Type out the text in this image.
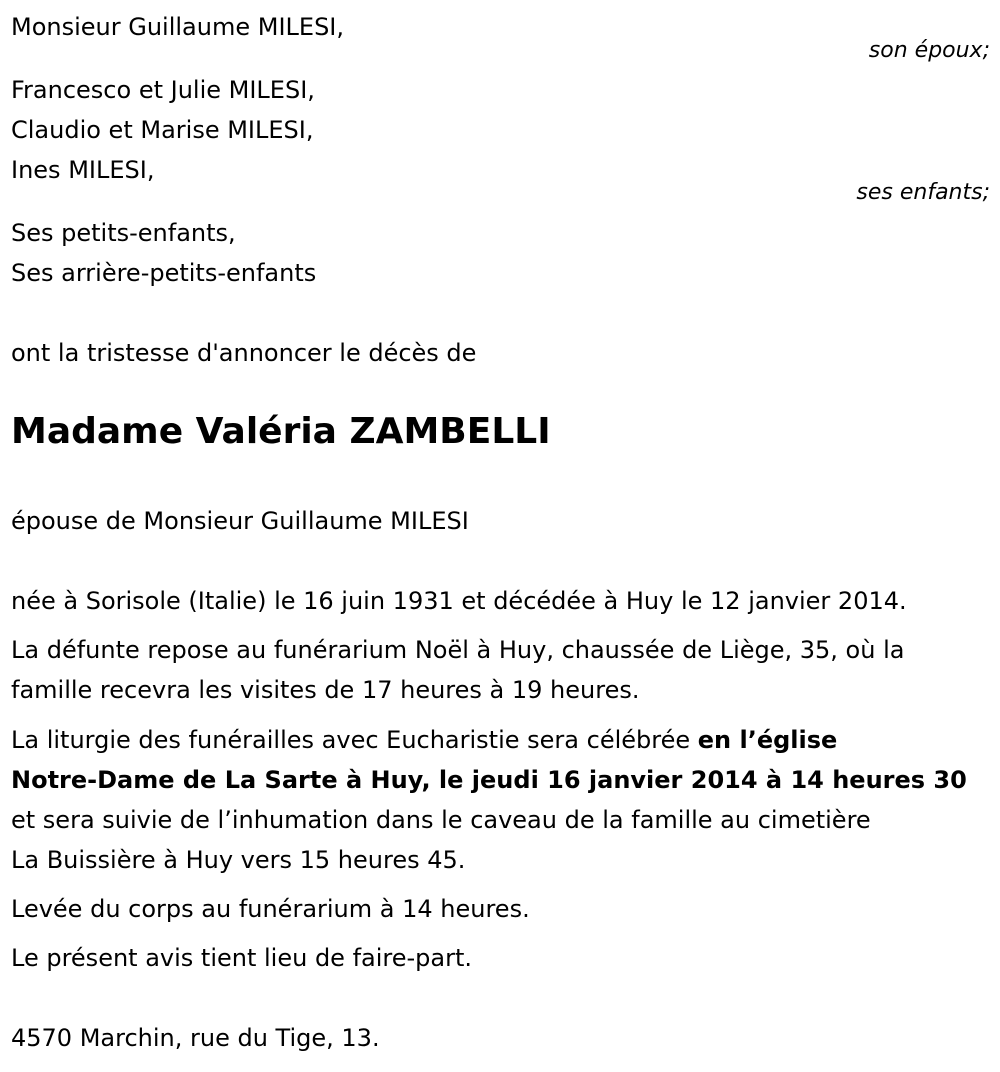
Monsieur Guillaume MILESI,
son époux;
Francesco et Julie MILESI,
Claudio et Marise MILESI,
Ines MILESI,
ses enfants;
Ses petits-enfants,
Ses arrière-petits-enfants
ont la tristesse d'annoncer le décès de
Madame Valéria ZAMBELLI
épouse de Monsieur Guillaume MILESI
née à Sorisole (Italie) le 16 juin 1931 et décédée à Huy le 12 janvier 2014.
La défunte repose au funérarium Noël à Huy, chaussée de Liège, 35, où la
famille recevra les visites de 17 heures à 19 heures.
La liturgie des funérailles avec Eucharistie sera célébrée en l’église
Notre-Dame de La Sarte à Huy, le jeudi 16 janvier 2014 à 14 heures 30
et sera suivie de l’inhumation dans le caveau de la famille au cimetière
La Buissière à Huy vers 15 heures 45.
Levée du corps au funérarium à 14 heures.
Le présent avis tient lieu de faire-part.
4570 Marchin, rue du Tige, 13.
